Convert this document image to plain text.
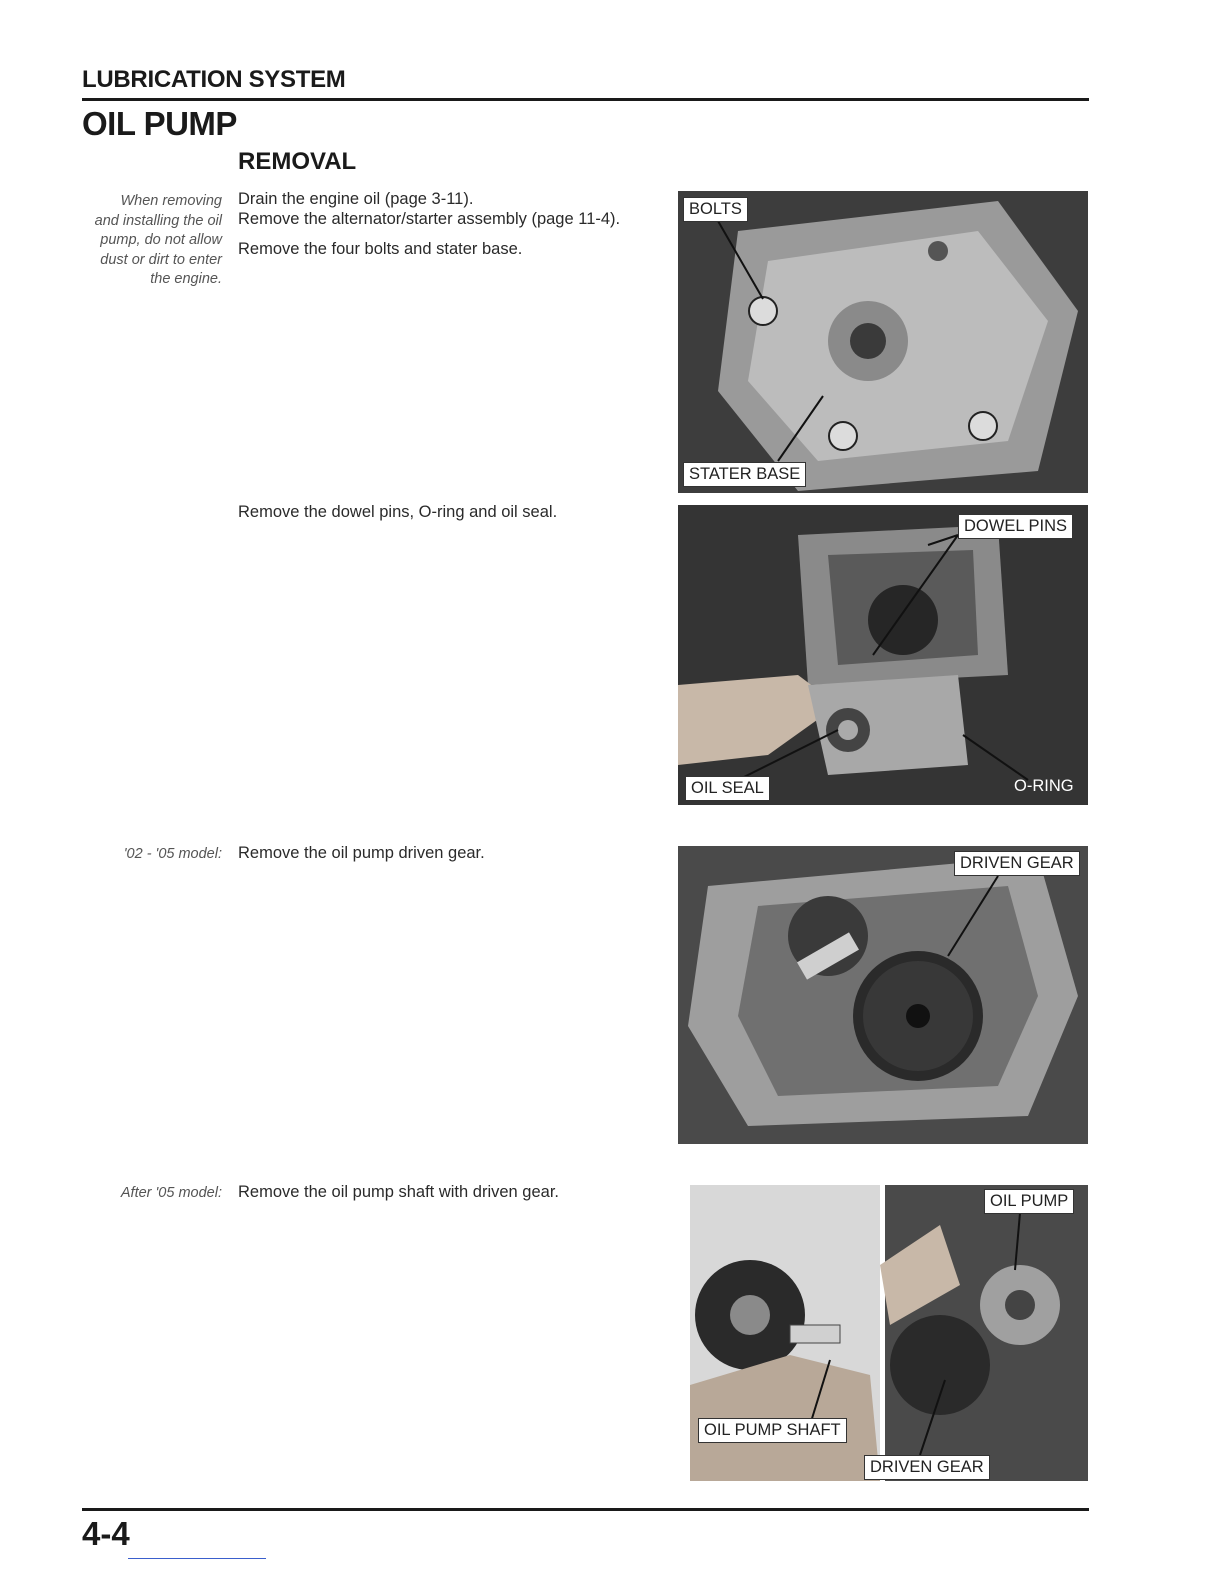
LUBRICATION SYSTEM
OIL PUMP
REMOVAL
When removing
and installing the oil
pump, do not allow
dust or dirt to enter
the engine.
'02 - '05 model:
After '05 model:
Drain the engine oil (page 3-11).
Remove the alternator/starter assembly (page 11-4).
Remove the four bolts and stater base.
Remove the dowel pins, O-ring and oil seal.
Remove the oil pump driven gear.
Remove the oil pump shaft with driven gear.
BOLTS
STATER BASE
DOWEL PINS
OIL SEAL	O-RING
DRIVEN GEAR
OIL PUMP
OIL PUMP SHAFT
DRIVEN GEAR
4-4
